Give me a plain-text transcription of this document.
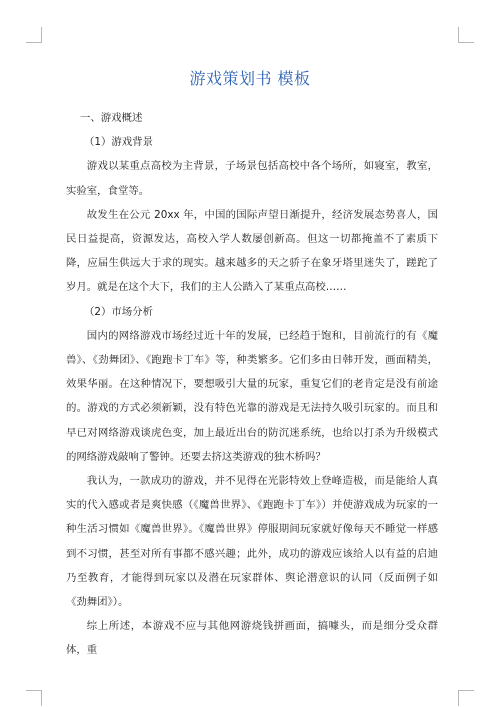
游戏策划书 模板

一、游戏概述

（1）游戏背景

游戏以某重点高校为主背景，子场景包括高校中各个场所，如寝室，教室，实验室，食堂等。

故发生在公元 20xx 年，中国的国际声望日渐提升，经济发展态势喜人，国民日益提高，资源发达，高校入学人数屡创新高。但这一切都掩盖不了素质下降，应届生供远大于求的现实。越来越多的天之骄子在象牙塔里迷失了，蹉跎了岁月。就是在这个大下，我们的主人公踏入了某重点高校……

（2）市场分析

国内的网络游戏市场经过近十年的发展，已经趋于饱和，目前流行的有《魔兽》、《劲舞团》、《跑跑卡丁车》等，种类繁多。它们多由日韩开发，画面精美，效果华丽。在这种情况下，要想吸引大量的玩家，重复它们的老肯定是没有前途的。游戏的方式必须新颖，没有特色光靠的游戏是无法持久吸引玩家的。而且和早已对网络游戏谈虎色变，加上最近出台的防沉迷系统，也给以打杀为升级模式的网络游戏敲响了警钟。还要去挤这类游戏的独木桥吗？

我认为，一款成功的游戏，并不见得在光影特效上登峰造极，而是能给人真实的代入感或者是爽快感（《魔兽世界》、《跑跑卡丁车》）并使游戏成为玩家的一种生活习惯如《魔兽世界》。《魔兽世界》停服期间玩家就好像每天不睡觉一样感到不习惯，甚至对所有事都不感兴趣；此外，成功的游戏应该给人以有益的启迪乃至教育，才能得到玩家以及潜在玩家群体、舆论潜意识的认同（反面例子如《劲舞团》）。

综上所述，本游戏不应与其他网游烧钱拼画面，搞噱头，而是细分受众群体，重
